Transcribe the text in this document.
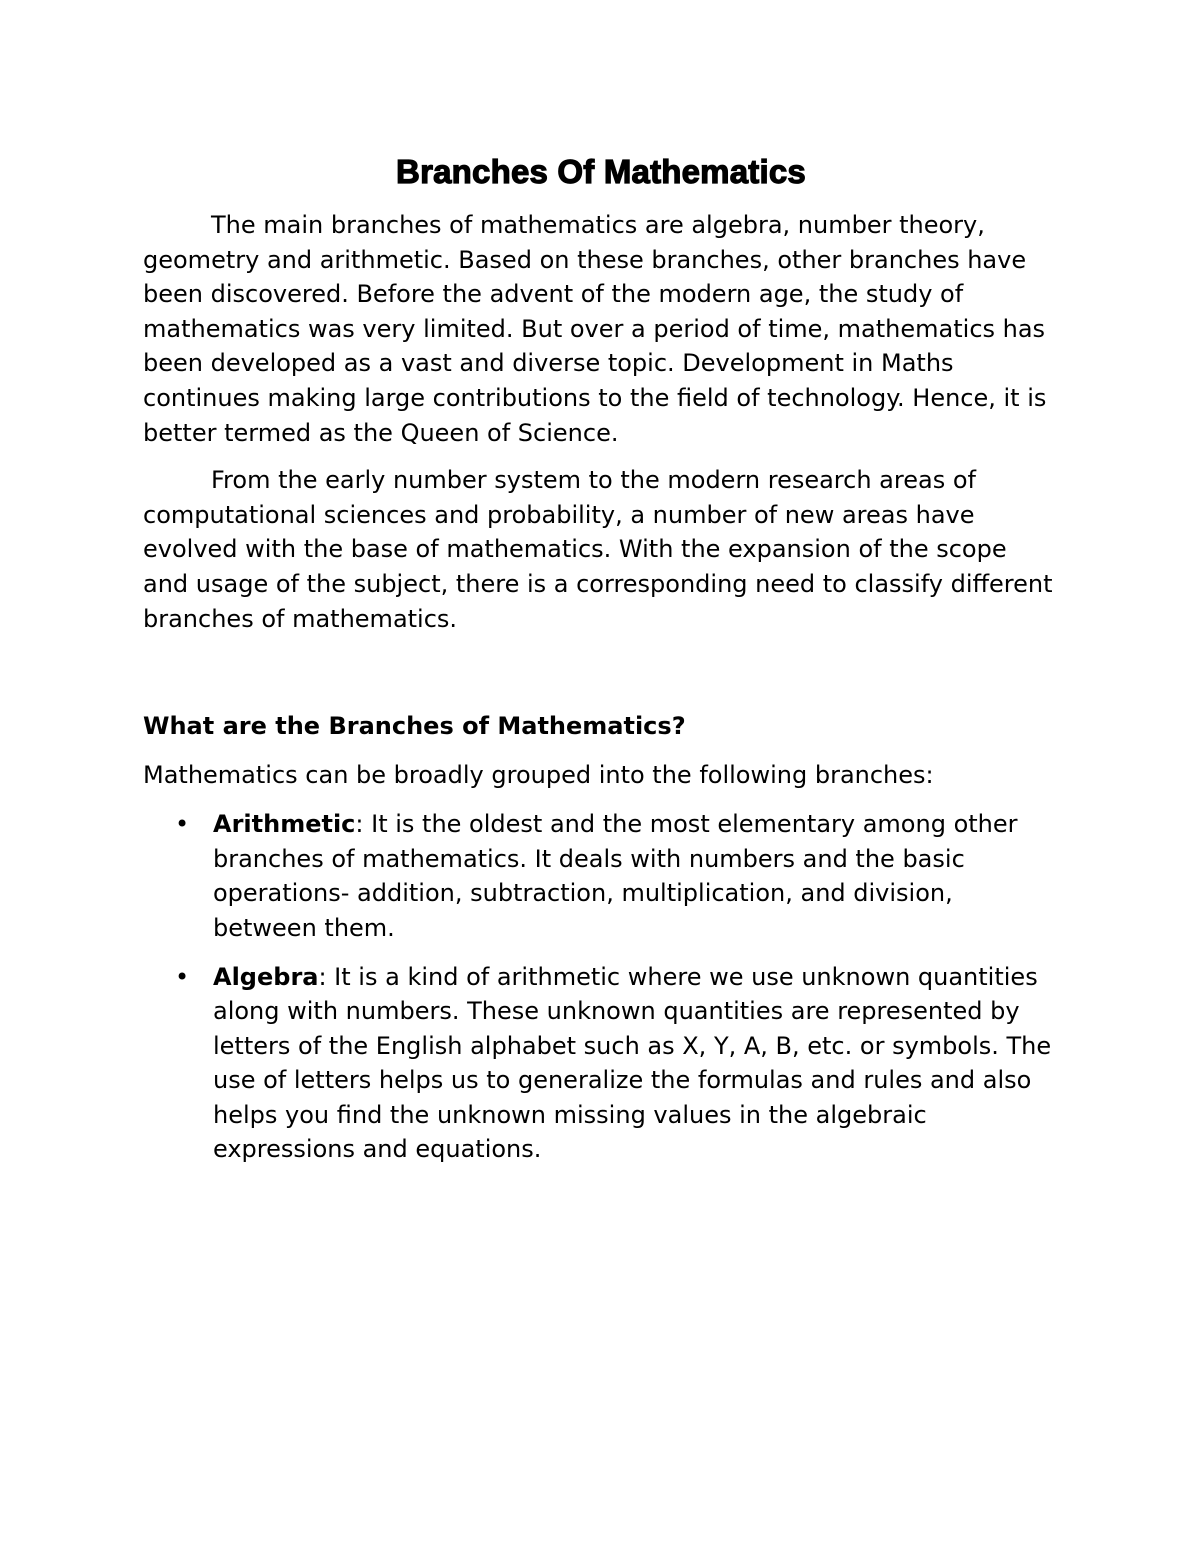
Branches Of Mathematics

The main branches of mathematics are algebra, number theory, geometry and arithmetic. Based on these branches, other branches have been discovered. Before the advent of the modern age, the study of mathematics was very limited. But over a period of time, mathematics has been developed as a vast and diverse topic. Development in Maths continues making large contributions to the field of technology. Hence, it is better termed as the Queen of Science.

From the early number system to the modern research areas of computational sciences and probability, a number of new areas have evolved with the base of mathematics. With the expansion of the scope and usage of the subject, there is a corresponding need to classify different branches of mathematics.

What are the Branches of Mathematics?
Mathematics can be broadly grouped into the following branches:
• Arithmetic: It is the oldest and the most elementary among other branches of mathematics. It deals with numbers and the basic operations- addition, subtraction, multiplication, and division, between them.
• Algebra: It is a kind of arithmetic where we use unknown quantities along with numbers. These unknown quantities are represented by letters of the English alphabet such as X, Y, A, B, etc. or symbols. The use of letters helps us to generalize the formulas and rules and also helps you find the unknown missing values in the algebraic expressions and equations.
